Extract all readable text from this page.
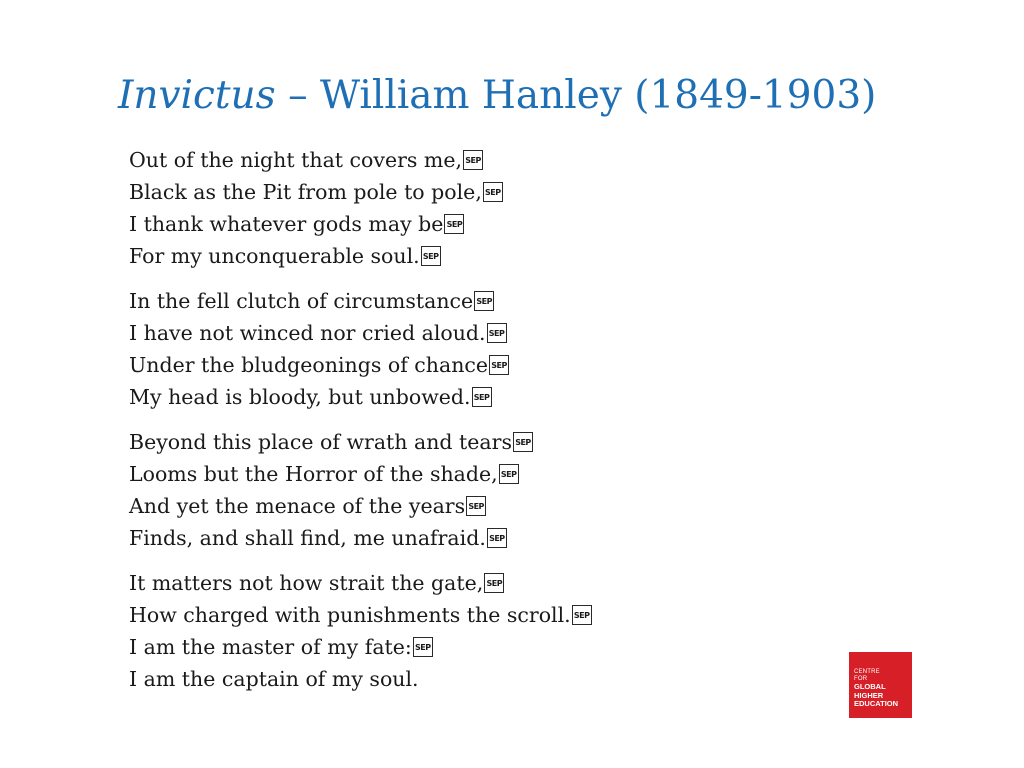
Invictus – William Hanley (1849-1903)
Out of the night that covers me, SEP
Black as the Pit from pole to pole, SEP
I thank whatever gods may be SEP
For my unconquerable soul. SEP
In the fell clutch of circumstance SEP
I have not winced nor cried aloud. SEP
Under the bludgeonings of chance SEP
My head is bloody, but unbowed. SEP
Beyond this place of wrath and tears SEP
Looms but the Horror of the shade, SEP
And yet the menace of the years SEP
Finds, and shall find, me unafraid. SEP
It matters not how strait the gate, SEP
How charged with punishments the scroll. SEP
I am the master of my fate: SEP
I am the captain of my soul.	CENTRE
FOR
GLOBAL
HIGHER
EDUCATION
